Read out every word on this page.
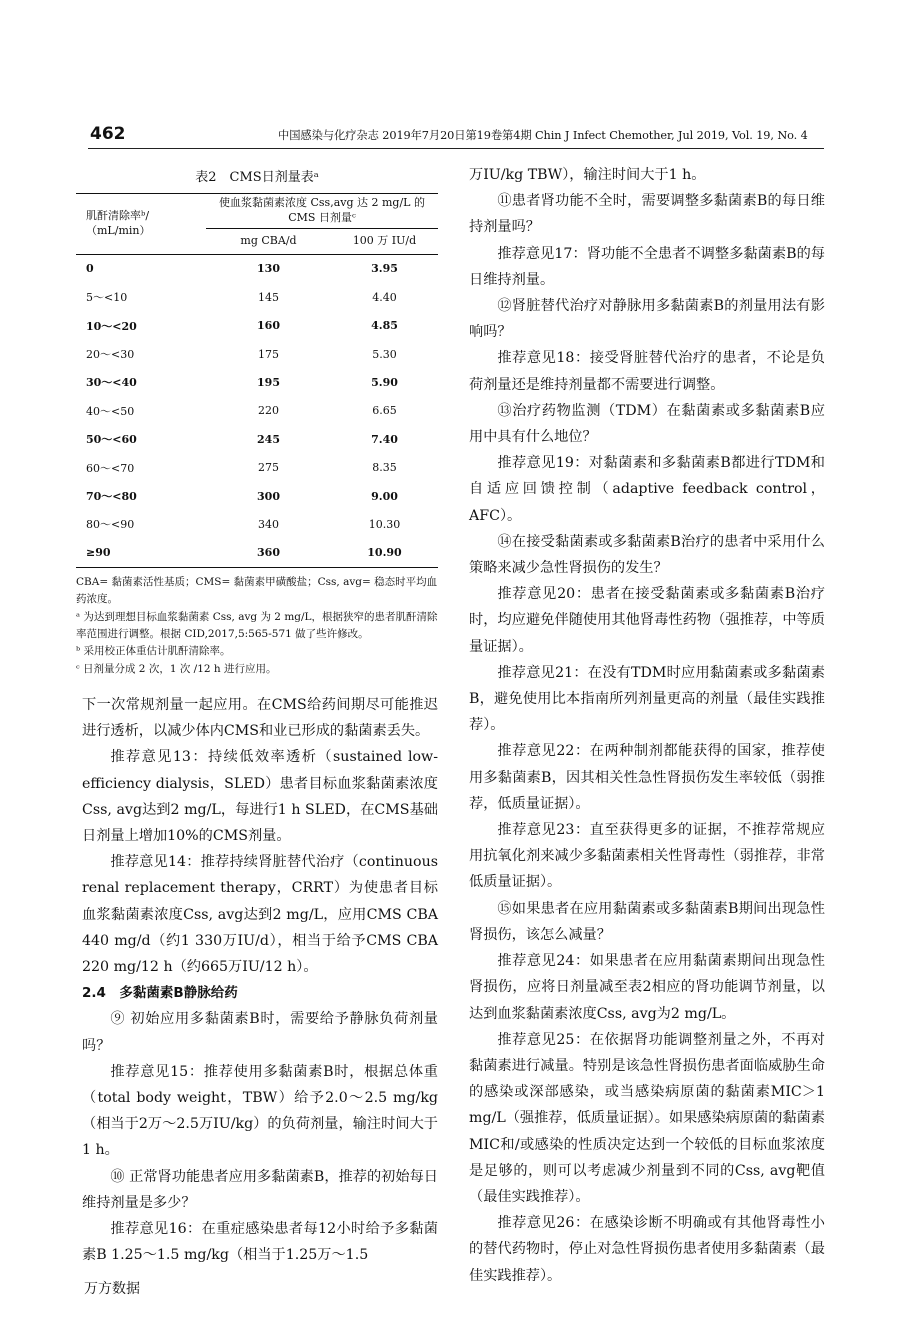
462	中国感染与化疗杂志 2019年7月20日第19卷第4期 Chin J Infect Chemother, Jul 2019, Vol. 19, No. 4
表2　CMS日剂量表ᵃ
肌酐清除率ᵇ/（mL/min）	使血浆黏菌素浓度 Css,avg 达 2 mg/L 的 CMS 日剂量ᶜ	
	mg CBA/d	100 万 IU/d
0	130	3.95
5～<10	145	4.40
10～<20	160	4.85
20～<30	175	5.30
30～<40	195	5.90
40～<50	220	6.65
50～<60	245	7.40
60～<70	275	8.35
70～<80	300	9.00
80～<90	340	10.30
≥90	360	10.90
CBA= 黏菌素活性基质；CMS= 黏菌素甲磺酸盐；Css, avg= 稳态时平均血药浓度。
ᵃ 为达到理想目标血浆黏菌素 Css, avg 为 2 mg/L，根据狭窄的患者肌酐清除率范围进行调整。根据 CID,2017,5:565-571 做了些许修改。
ᵇ 采用校正体重估计肌酐清除率。
ᶜ 日剂量分成 2 次，1 次 /12 h 进行应用。

下一次常规剂量一起应用。在CMS给药间期尽可能推迟进行透析，以减少体内CMS和业已形成的黏菌素丢失。

推荐意见13：持续低效率透析（sustained low-efficiency dialysis，SLED）患者目标血浆黏菌素浓度Css, avg达到2 mg/L，每进行1 h SLED，在CMS基础日剂量上增加10%的CMS剂量。

推荐意见14：推荐持续肾脏替代治疗（continuous renal replacement therapy，CRRT）为使患者目标血浆黏菌素浓度Css, avg达到2 mg/L，应用CMS CBA 440 mg/d（约1 330万IU/d），相当于给予CMS CBA 220 mg/12 h（约665万IU/12 h）。

2.4　多黏菌素B静脉给药

⑨ 初始应用多黏菌素B时，需要给予静脉负荷剂量吗？

推荐意见15：推荐使用多黏菌素B时，根据总体重（total body weight，TBW）给予2.0～2.5 mg/kg（相当于2万～2.5万IU/kg）的负荷剂量，输注时间大于1 h。

⑩ 正常肾功能患者应用多黏菌素B，推荐的初始每日维持剂量是多少？

推荐意见16：在重症感染患者每12小时给予多黏菌素B 1.25～1.5 mg/kg（相当于1.25万～1.5

万IU/kg TBW），输注时间大于1 h。

⑪患者肾功能不全时，需要调整多黏菌素B的每日维持剂量吗？

推荐意见17：肾功能不全患者不调整多黏菌素B的每日维持剂量。

⑫肾脏替代治疗对静脉用多黏菌素B的剂量用法有影响吗？

推荐意见18：接受肾脏替代治疗的患者，不论是负荷剂量还是维持剂量都不需要进行调整。

⑬治疗药物监测（TDM）在黏菌素或多黏菌素B应用中具有什么地位？

推荐意见19：对黏菌素和多黏菌素B都进行TDM和自适应回馈控制（adaptive feedback control，AFC）。

⑭在接受黏菌素或多黏菌素B治疗的患者中采用什么策略来减少急性肾损伤的发生？

推荐意见20：患者在接受黏菌素或多黏菌素B治疗时，均应避免伴随使用其他肾毒性药物（强推荐，中等质量证据）。

推荐意见21：在没有TDM时应用黏菌素或多黏菌素B，避免使用比本指南所列剂量更高的剂量（最佳实践推荐）。

推荐意见22：在两种制剂都能获得的国家，推荐使用多黏菌素B，因其相关性急性肾损伤发生率较低（弱推荐，低质量证据）。

推荐意见23：直至获得更多的证据，不推荐常规应用抗氧化剂来减少多黏菌素相关性肾毒性（弱推荐，非常低质量证据）。

⑮如果患者在应用黏菌素或多黏菌素B期间出现急性肾损伤，该怎么减量？

推荐意见24：如果患者在应用黏菌素期间出现急性肾损伤，应将日剂量减至表2相应的肾功能调节剂量，以达到血浆黏菌素浓度Css, avg为2 mg/L。

推荐意见25：在依据肾功能调整剂量之外，不再对黏菌素进行减量。特别是该急性肾损伤患者面临威胁生命的感染或深部感染，或当感染病原菌的黏菌素MIC＞1 mg/L（强推荐，低质量证据）。如果感染病原菌的黏菌素MIC和/或感染的性质决定达到一个较低的目标血浆浓度是足够的，则可以考虑减少剂量到不同的Css, avg靶值（最佳实践推荐）。

推荐意见26：在感染诊断不明确或有其他肾毒性小的替代药物时，停止对急性肾损伤患者使用多黏菌素（最佳实践推荐）。

万方数据
